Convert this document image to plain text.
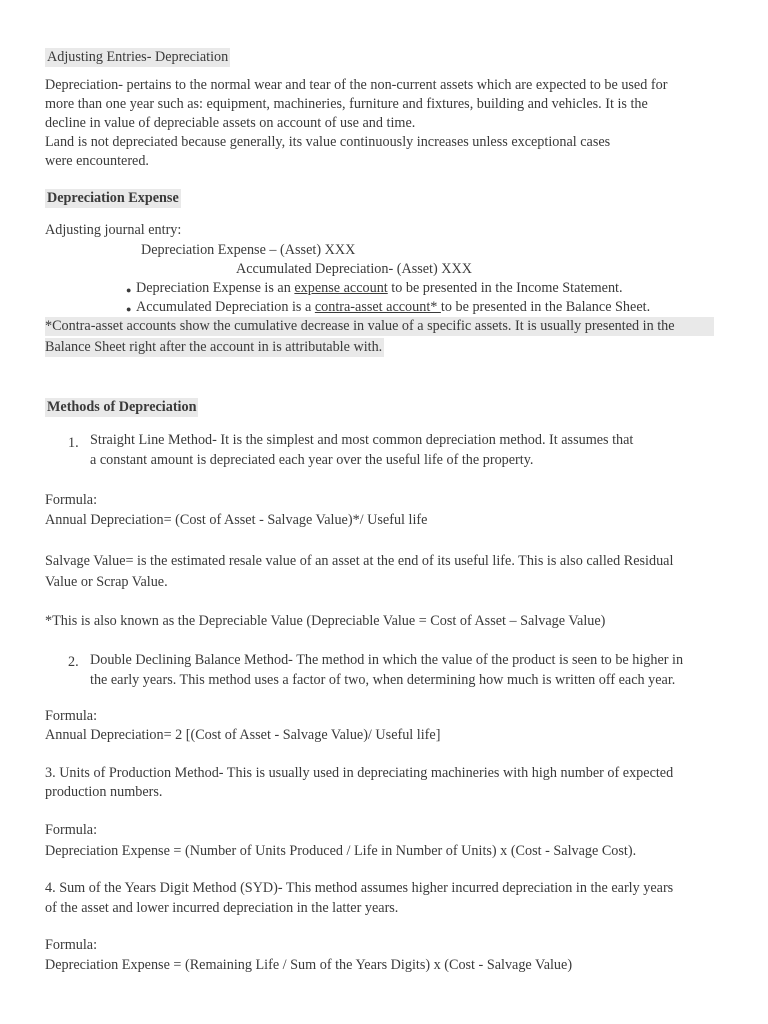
Adjusting Entries- Depreciation
Depreciation- pertains to the normal wear and tear of the non-current assets which are expected to be used for
more than one year such as: equipment, machineries, furniture and fixtures, building and vehicles. It is the
decline in value of depreciable assets on account of use and time.
Land is not depreciated because generally, its value continuously increases unless exceptional cases
were encountered.
Depreciation Expense
Adjusting journal entry:
Depreciation Expense – (Asset) XXX
Accumulated Depreciation- (Asset) XXX
● Depreciation Expense is an expense account to be presented in the Income Statement.
● Accumulated Depreciation is a contra-asset account* to be presented in the Balance Sheet.
*Contra-asset accounts show the cumulative decrease in value of a specific assets. It is usually presented in the
Balance Sheet right after the account in is attributable with.
Methods of Depreciation
1. Straight Line Method- It is the simplest and most common depreciation method. It assumes that
a constant amount is depreciated each year over the useful life of the property.
Formula:
Annual Depreciation= (Cost of Asset - Salvage Value)*/ Useful life
Salvage Value= is the estimated resale value of an asset at the end of its useful life. This is also called Residual
Value or Scrap Value.
*This is also known as the Depreciable Value (Depreciable Value = Cost of Asset – Salvage Value)
2. Double Declining Balance Method- The method in which the value of the product is seen to be higher in
the early years. This method uses a factor of two, when determining how much is written off each year.
Formula:
Annual Depreciation= 2 [(Cost of Asset - Salvage Value)/ Useful life]
3. Units of Production Method- This is usually used in depreciating machineries with high number of expected
production numbers.
Formula:
Depreciation Expense = (Number of Units Produced / Life in Number of Units) x (Cost - Salvage Cost).
4. Sum of the Years Digit Method (SYD)- This method assumes higher incurred depreciation in the early years
of the asset and lower incurred depreciation in the latter years.
Formula:
Depreciation Expense = (Remaining Life / Sum of the Years Digits) x (Cost - Salvage Value)
